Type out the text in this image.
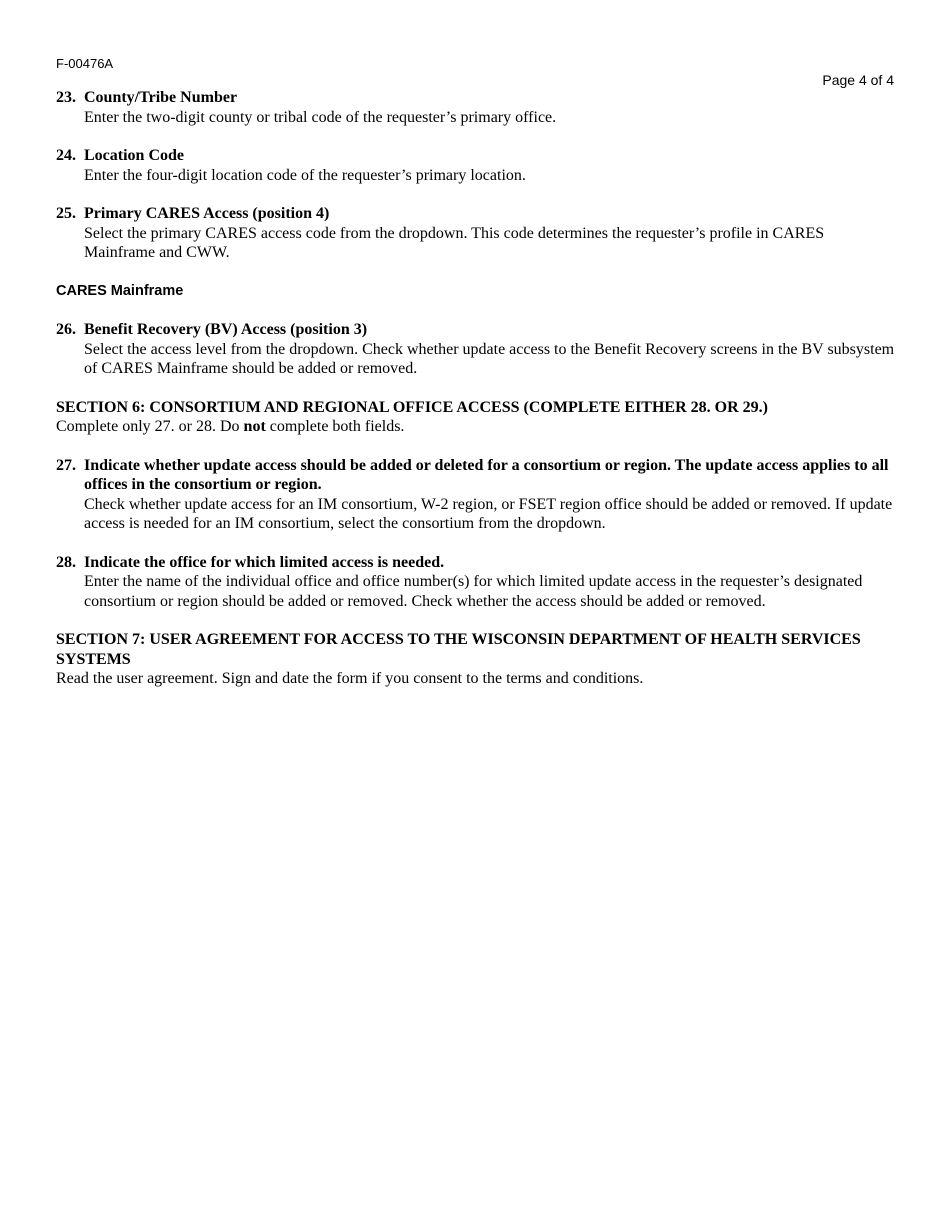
F-00476A
Page 4 of 4
23. County/Tribe Number
Enter the two-digit county or tribal code of the requester’s primary office.
24. Location Code
Enter the four-digit location code of the requester’s primary location.
25. Primary CARES Access (position 4)
Select the primary CARES access code from the dropdown. This code determines the requester’s profile in CARES Mainframe and CWW.
CARES Mainframe
26. Benefit Recovery (BV) Access (position 3)
Select the access level from the dropdown. Check whether update access to the Benefit Recovery screens in the BV subsystem of CARES Mainframe should be added or removed.
SECTION 6: CONSORTIUM AND REGIONAL OFFICE ACCESS (COMPLETE EITHER 28. OR 29.)
Complete only 27. or 28. Do not complete both fields.
27. Indicate whether update access should be added or deleted for a consortium or region. The update access applies to all offices in the consortium or region.
Check whether update access for an IM consortium, W-2 region, or FSET region office should be added or removed. If update access is needed for an IM consortium, select the consortium from the dropdown.
28. Indicate the office for which limited access is needed.
Enter the name of the individual office and office number(s) for which limited update access in the requester’s designated consortium or region should be added or removed. Check whether the access should be added or removed.
SECTION 7: USER AGREEMENT FOR ACCESS TO THE WISCONSIN DEPARTMENT OF HEALTH SERVICES SYSTEMS
Read the user agreement. Sign and date the form if you consent to the terms and conditions.
